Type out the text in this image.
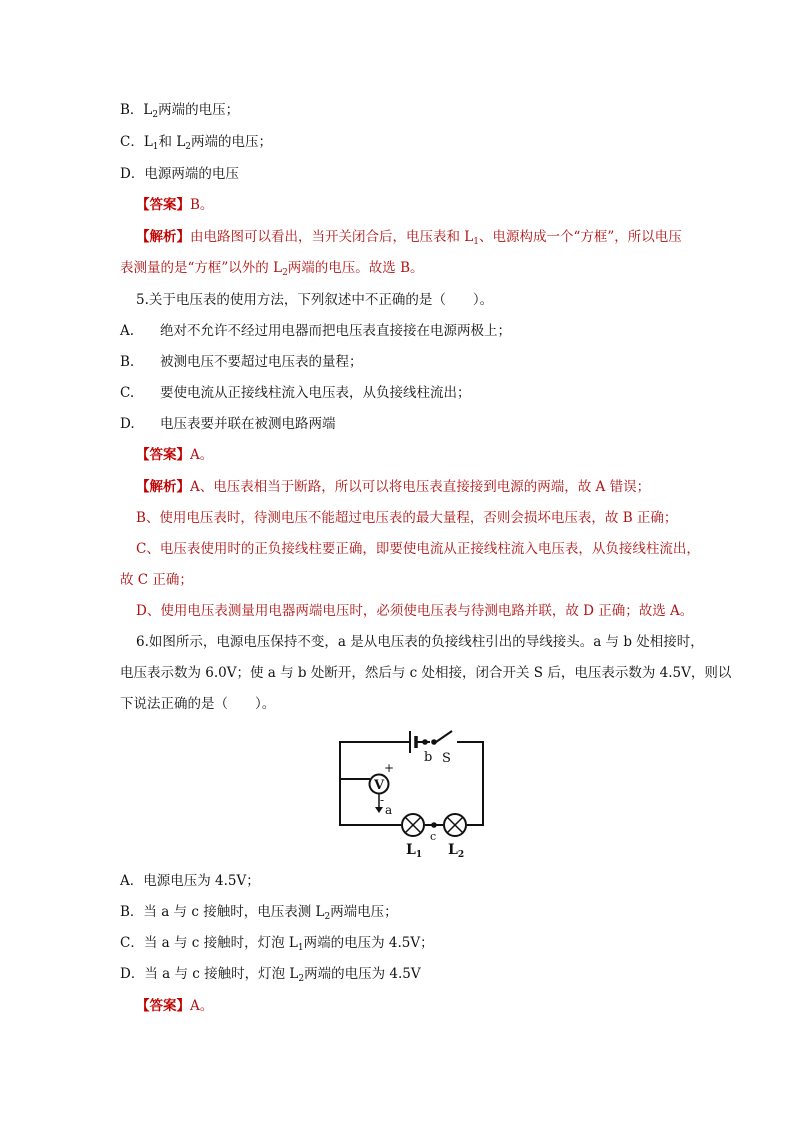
B．$L_2$两端的电压；
C．$L_1$和 $L_2$两端的电压；
D．电源两端的电压
【答案】B。
【解析】由电路图可以看出，当开关闭合后，电压表和 $L_1$、电源构成一个“方框”，所以电压
表测量的是“方框”以外的 $L_2$两端的电压。故选 B。
5.关于电压表的使用方法，下列叙述中不正确的是（　　）。
A. 绝对不允许不经过用电器而把电压表直接接在电源两极上；
B. 被测电压不要超过电压表的量程；
C. 要使电流从正接线柱流入电压表，从负接线柱流出；
D. 电压表要并联在被测电路两端
【答案】A。
【解析】A、电压表相当于断路，所以可以将电压表直接接到电源的两端，故 A 错误；
B、使用电压表时，待测电压不能超过电压表的最大量程，否则会损坏电压表，故 B 正确；
C、电压表使用时的正负接线柱要正确，即要使电流从正接线柱流入电压表，从负接线柱流出，
故 C 正确；
D、使用电压表测量用电器两端电压时，必须使电压表与待测电路并联，故 D 正确；故选 A。
6.如图所示，电源电压保持不变，a 是从电压表的负接线柱引出的导线接头。a 与 b 处相接时，
电压表示数为 6.0V；使 a 与 b 处断开，然后与 c 处相接，闭合开关 S 后，电压表示数为 4.5V，则以
下说法正确的是（　　）。
b S
V
+
-
a
c
$L_1$ $L_2$
A．电源电压为 4.5V；
B．当 a 与 c 接触时，电压表测 $L_2$两端电压；
C．当 a 与 c 接触时，灯泡 $L_1$两端的电压为 4.5V；
D．当 a 与 c 接触时，灯泡 $L_2$两端的电压为 4.5V
【答案】A。
